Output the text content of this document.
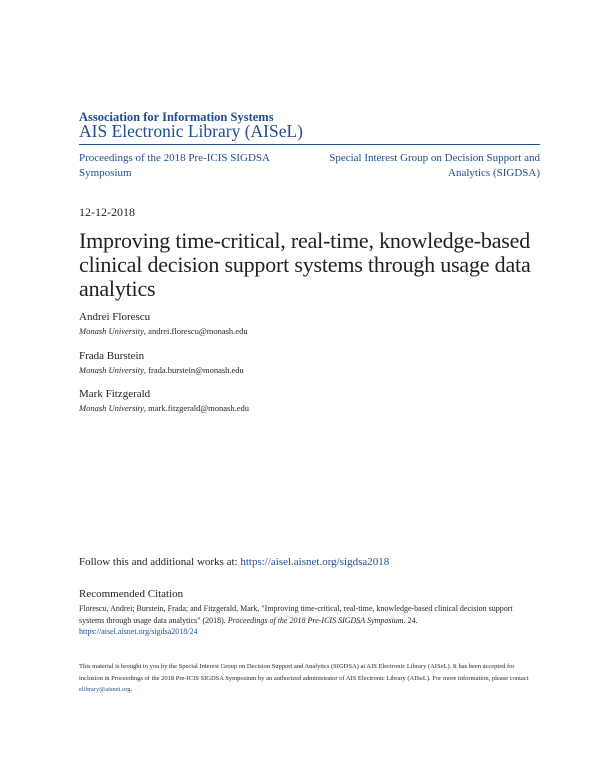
Association for Information Systems
AIS Electronic Library (AISeL)
Proceedings of the 2018 Pre-ICIS SIGDSA Symposium
Special Interest Group on Decision Support and Analytics (SIGDSA)
12-12-2018
Improving time-critical, real-time, knowledge-based clinical decision support systems through usage data analytics
Andrei Florescu
Monash University, andrei.florescu@monash.edu
Frada Burstein
Monash University, frada.burstein@monash.edu
Mark Fitzgerald
Monash University, mark.fitzgerald@monash.edu
Follow this and additional works at: https://aisel.aisnet.org/sigdsa2018
Recommended Citation
Florescu, Andrei; Burstein, Frada; and Fitzgerald, Mark, "Improving time-critical, real-time, knowledge-based clinical decision support systems through usage data analytics" (2018). Proceedings of the 2018 Pre-ICIS SIGDSA Symposium. 24.
https://aisel.aisnet.org/sigdsa2018/24
This material is brought to you by the Special Interest Group on Decision Support and Analytics (SIGDSA) at AIS Electronic Library (AISeL). It has been accepted for inclusion in Proceedings of the 2018 Pre-ICIS SIGDSA Symposium by an authorized administrator of AIS Electronic Library (AISeL). For more information, please contact elibrary@aisnet.org.
